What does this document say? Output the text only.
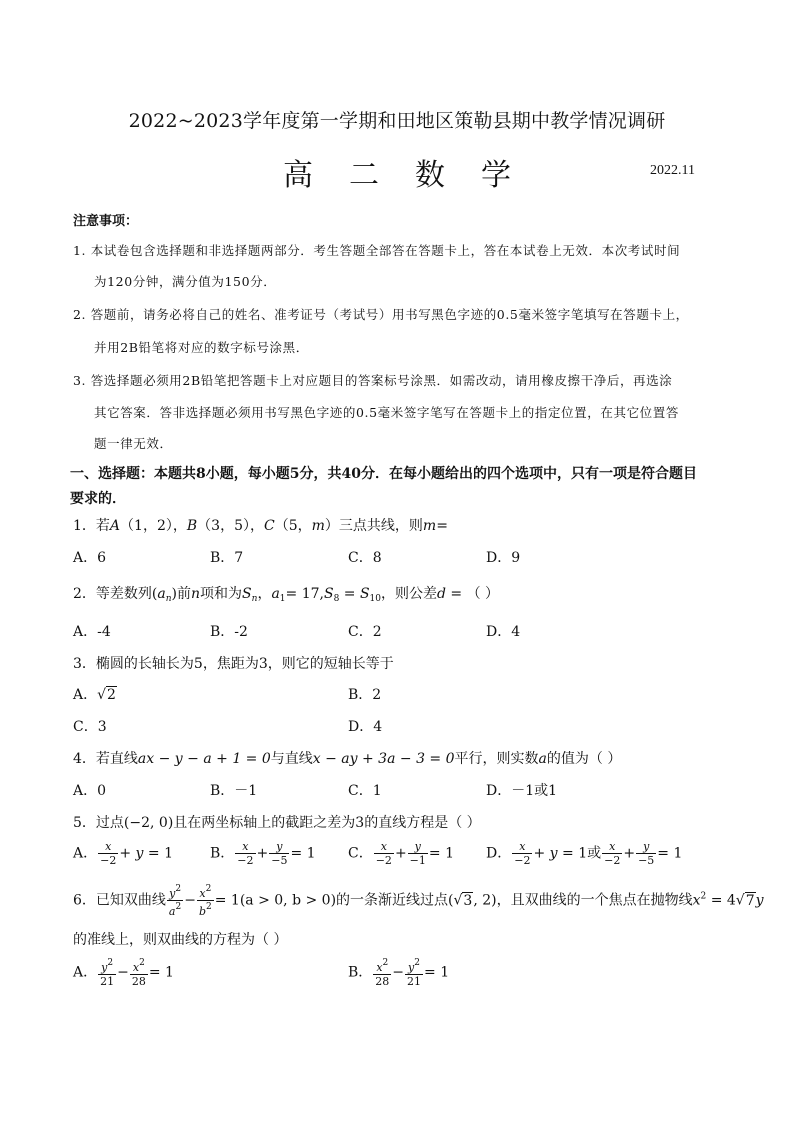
2022~2023学年度第一学期和田地区策勒县期中教学情况调研
高二数学	2022.11
注意事项：
1. 本试卷包含选择题和非选择题两部分．考生答题全部答在答题卡上，答在本试卷上无效．本次考试时间
为120分钟，满分值为150分．
2. 答题前，请务必将自己的姓名、准考证号（考试号）用书写黑色字迹的0.5毫米签字笔填写在答题卡上，
并用2B铅笔将对应的数字标号涂黑．
3. 答选择题必须用2B铅笔把答题卡上对应题目的答案标号涂黑．如需改动，请用橡皮擦干净后，再选涂
其它答案．答非选择题必须用书写黑色字迹的0.5毫米签字笔写在答题卡上的指定位置，在其它位置答
题一律无效．
一、选择题：本题共8小题，每小题5分，共40分．在每小题给出的四个选项中，只有一项是符合题目
要求的．
1．若A（1，2），B（3，5），C（5，m）三点共线，则m=
A．6	B．7	C．8	D．9
2．等差数列$(a_n)$前n项和为$S_n$，$a_1= 17,S_8 = S_{10}$，则公差d = （ ）
A．-4	B．-2	C．2	D．4
3．椭圆的长轴长为5，焦距为3，则它的短轴长等于
A．√2	B．2
C．3	D．4
4．若直线ax − y − a + 1 = 0与直线x − ay + 3a − 3 = 0平行，则实数a的值为（ ）
A．0	B．－1	C．1	D．－1或1
5．过点(−2, 0)且在两坐标轴上的截距之差为3的直线方程是（ ）
A． $\frac{x}{-2} + y = 1$	B． $\frac{x}{-2} + \frac{y}{-5} = 1$ C． $\frac{x}{-2} + \frac{y}{-1} = 1$ D． $\frac{x}{-2} + y = 1$或 $\frac{x}{-2} + \frac{y}{-5} = 1$
6．已知双曲线 $\frac{y^2}{a^2} - \frac{x^2}{b^2} = 1(a > 0$, b > 0)的一条渐近线过点(√3, 2)，且双曲线的一个焦点在抛物线$x^2 = 4√7y$
的准线上，则双曲线的方程为（ ）
A． $\frac{y^2}{21} - \frac{x^2}{28} = 1$	B． $\frac{x^2}{28} - \frac{y^2}{21} = 1$
